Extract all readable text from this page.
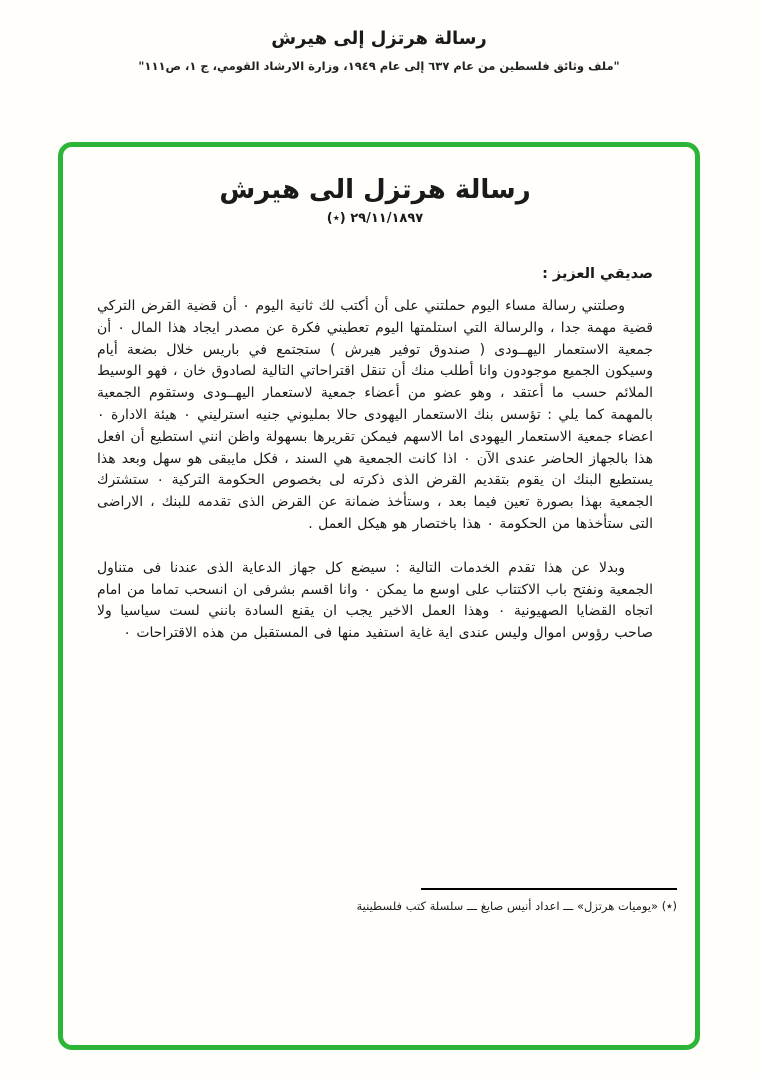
رسالة هرتزل إلى هيرش
"ملف وثائق فلسطين من عام ٦٣٧ إلى عام ١٩٤٩، وزارة الارشاد القومي، ج ١، ص١١١"
رسالة هرتزل الى هيرش
٢٩/١١/١٨٩٧ (٭)
صديقي العزيز :

وصلتني رسالة مساء اليوم حملتني على أن أكتب لك ثانية اليوم ٠ أن قضية القرض التركي قضية مهمة جدا ، والرسالة التي استلمتها اليوم تعطيني فكرة عن مصدر ايجاد هذا المال ٠ أن جمعية الاستعمار اليهــودى ( صندوق توفير هيرش ) ستجتمع في باريس خلال بضعة أيام وسيكون الجميع موجودون وانا أطلب منك أن تنقل اقتراحاتي التالية لصادوق خان ، فهو الوسيط الملائم حسب ما أعتقد ، وهو عضو من أعضاء جمعية لاستعمار اليهــودى وستقوم الجمعية بالمهمة كما يلي : تؤسس بنك الاستعمار اليهودى حالا بمليوني جنيه استرليني ٠ هيئة الادارة ٠ اعضاء جمعية الاستعمار اليهودى اما الاسهم فيمكن تقريرها بسهولة واظن انني استطيع أن افعل هذا بالجهاز الحاضر عندى الآن ٠ اذا كانت الجمعية هي السند ، فكل مايبقى هو سهل وبعد هذا يستطيع البنك ان يقوم بتقديم القرض الذى ذكرته لى بخصوص الحكومة التركية ٠ ستشترك الجمعية بهذا بصورة تعين فيما بعد ، وستأخذ ضمانة عن القرض الذى تقدمه للبنك ، الاراضى التى ستأخذها من الحكومة ٠ هذا باختصار هو هيكل العمل .

وبدلا عن هذا تقدم الخدمات التالية : سيضع كل جهاز الدعاية الذى عندنا فى متناول الجمعية ونفتح باب الاكتتاب على اوسع ما يمكن ٠ وانا اقسم بشرفى ان انسحب تماما من امام اتجاه القضايا الصهيونية ٠ وهذا العمل الاخير يجب ان يقنع السادة بانني لست سياسيا ولا صاحب رؤوس اموال وليس عندى اية غاية استفيد منها فى المستقبل من هذه الاقتراحات ٠

(٭) «يوميات هرتزل» ـــ اعداد أنيس صايغ ـــ سلسلة كتب فلسطينية
